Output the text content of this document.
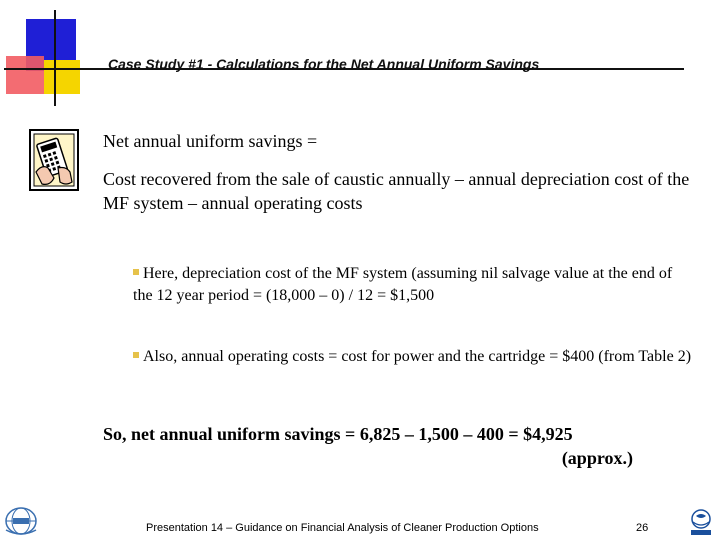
Case Study #1 - Calculations for the Net Annual Uniform Savings
Net annual uniform savings =
Cost recovered from the sale of caustic annually – annual depreciation cost of the MF system – annual operating costs
Here, depreciation cost of the MF system (assuming nil salvage value at the end of the 12 year period = (18,000 – 0) / 12 = $1,500
Also, annual operating costs = cost for power and the cartridge = $400 (from Table 2)
So, net annual uniform savings = 6,825 – 1,500 – 400 = $4,925
(approx.)
Presentation 14 – Guidance on Financial Analysis of Cleaner Production Options	26
